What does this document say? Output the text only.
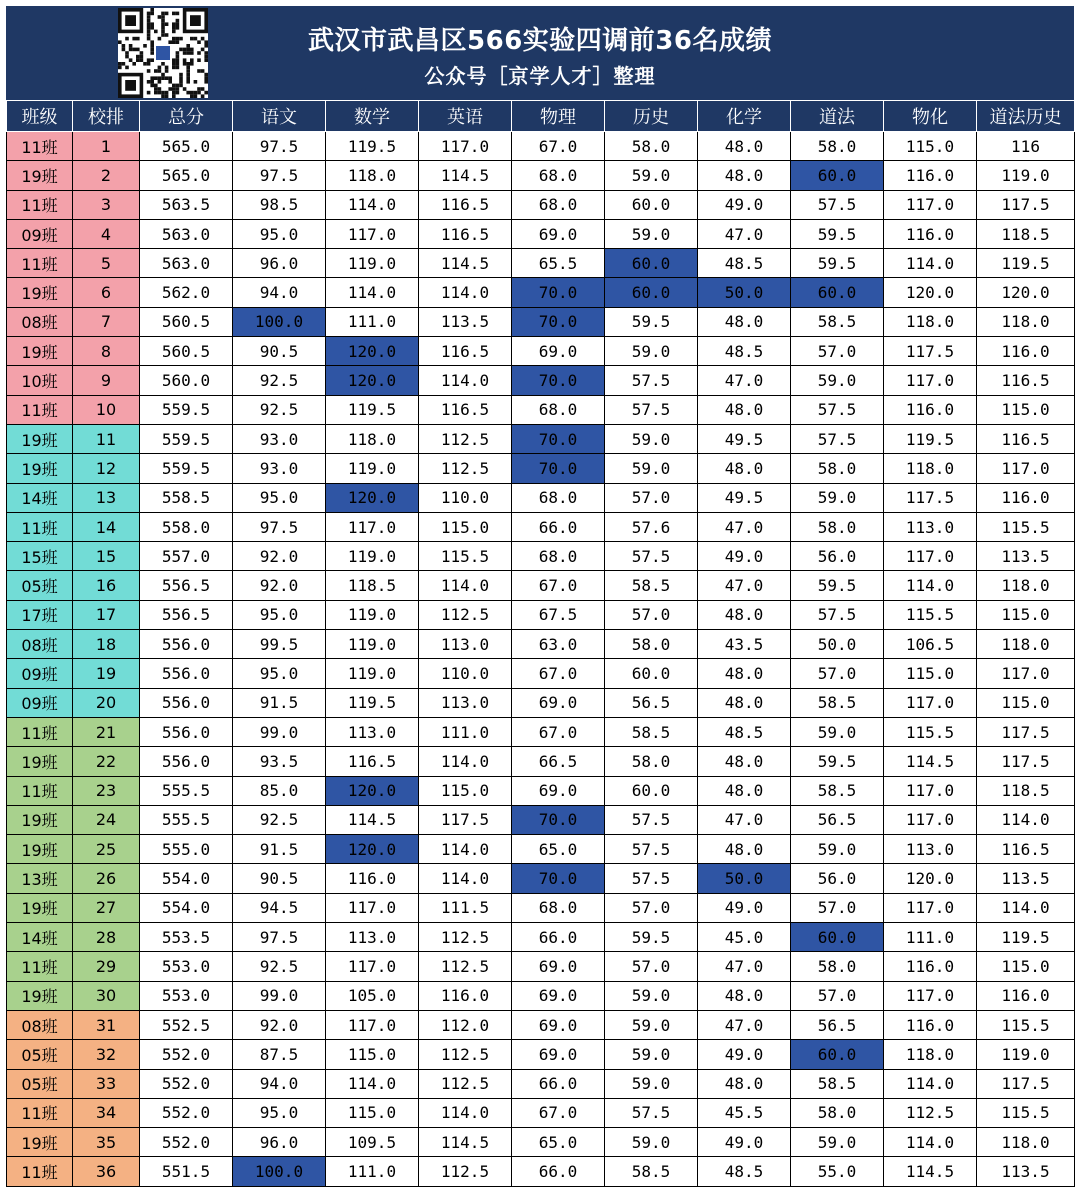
武汉市武昌区566实验四调前36名成绩
公众号［京学人才］整理
班级	校排	总分	语文	数学	英语	物理	历史	化学	道法	物化	道法历史
11班	1	565.0	97.5	119.5	117.0	67.0	58.0	48.0	58.0	115.0	116
19班	2	565.0	97.5	118.0	114.5	68.0	59.0	48.0	60.0	116.0	119.0
11班	3	563.5	98.5	114.0	116.5	68.0	60.0	49.0	57.5	117.0	117.5
09班	4	563.0	95.0	117.0	116.5	69.0	59.0	47.0	59.5	116.0	118.5
11班	5	563.0	96.0	119.0	114.5	65.5	60.0	48.5	59.5	114.0	119.5
19班	6	562.0	94.0	114.0	114.0	70.0	60.0	50.0	60.0	120.0	120.0
08班	7	560.5	100.0	111.0	113.5	70.0	59.5	48.0	58.5	118.0	118.0
19班	8	560.5	90.5	120.0	116.5	69.0	59.0	48.5	57.0	117.5	116.0
10班	9	560.0	92.5	120.0	114.0	70.0	57.5	47.0	59.0	117.0	116.5
11班	10	559.5	92.5	119.5	116.5	68.0	57.5	48.0	57.5	116.0	115.0
19班	11	559.5	93.0	118.0	112.5	70.0	59.0	49.5	57.5	119.5	116.5
19班	12	559.5	93.0	119.0	112.5	70.0	59.0	48.0	58.0	118.0	117.0
14班	13	558.5	95.0	120.0	110.0	68.0	57.0	49.5	59.0	117.5	116.0
11班	14	558.0	97.5	117.0	115.0	66.0	57.6	47.0	58.0	113.0	115.5
15班	15	557.0	92.0	119.0	115.5	68.0	57.5	49.0	56.0	117.0	113.5
05班	16	556.5	92.0	118.5	114.0	67.0	58.5	47.0	59.5	114.0	118.0
17班	17	556.5	95.0	119.0	112.5	67.5	57.0	48.0	57.5	115.5	115.0
08班	18	556.0	99.5	119.0	113.0	63.0	58.0	43.5	50.0	106.5	118.0
09班	19	556.0	95.0	119.0	110.0	67.0	60.0	48.0	57.0	115.0	117.0
09班	20	556.0	91.5	119.5	113.0	69.0	56.5	48.0	58.5	117.0	115.0
11班	21	556.0	99.0	113.0	111.0	67.0	58.5	48.5	59.0	115.5	117.5
19班	22	556.0	93.5	116.5	114.0	66.5	58.0	48.0	59.5	114.5	117.5
11班	23	555.5	85.0	120.0	115.0	69.0	60.0	48.0	58.5	117.0	118.5
19班	24	555.5	92.5	114.5	117.5	70.0	57.5	47.0	56.5	117.0	114.0
19班	25	555.0	91.5	120.0	114.0	65.0	57.5	48.0	59.0	113.0	116.5
13班	26	554.0	90.5	116.0	114.0	70.0	57.5	50.0	56.0	120.0	113.5
19班	27	554.0	94.5	117.0	111.5	68.0	57.0	49.0	57.0	117.0	114.0
14班	28	553.5	97.5	113.0	112.5	66.0	59.5	45.0	60.0	111.0	119.5
11班	29	553.0	92.5	117.0	112.5	69.0	57.0	47.0	58.0	116.0	115.0
19班	30	553.0	99.0	105.0	116.0	69.0	59.0	48.0	57.0	117.0	116.0
08班	31	552.5	92.0	117.0	112.0	69.0	59.0	47.0	56.5	116.0	115.5
05班	32	552.0	87.5	115.0	112.5	69.0	59.0	49.0	60.0	118.0	119.0
05班	33	552.0	94.0	114.0	112.5	66.0	59.0	48.0	58.5	114.0	117.5
11班	34	552.0	95.0	115.0	114.0	67.0	57.5	45.5	58.0	112.5	115.5
19班	35	552.0	96.0	109.5	114.5	65.0	59.0	49.0	59.0	114.0	118.0
11班	36	551.5	100.0	111.0	112.5	66.0	58.5	48.5	55.0	114.5	113.5
